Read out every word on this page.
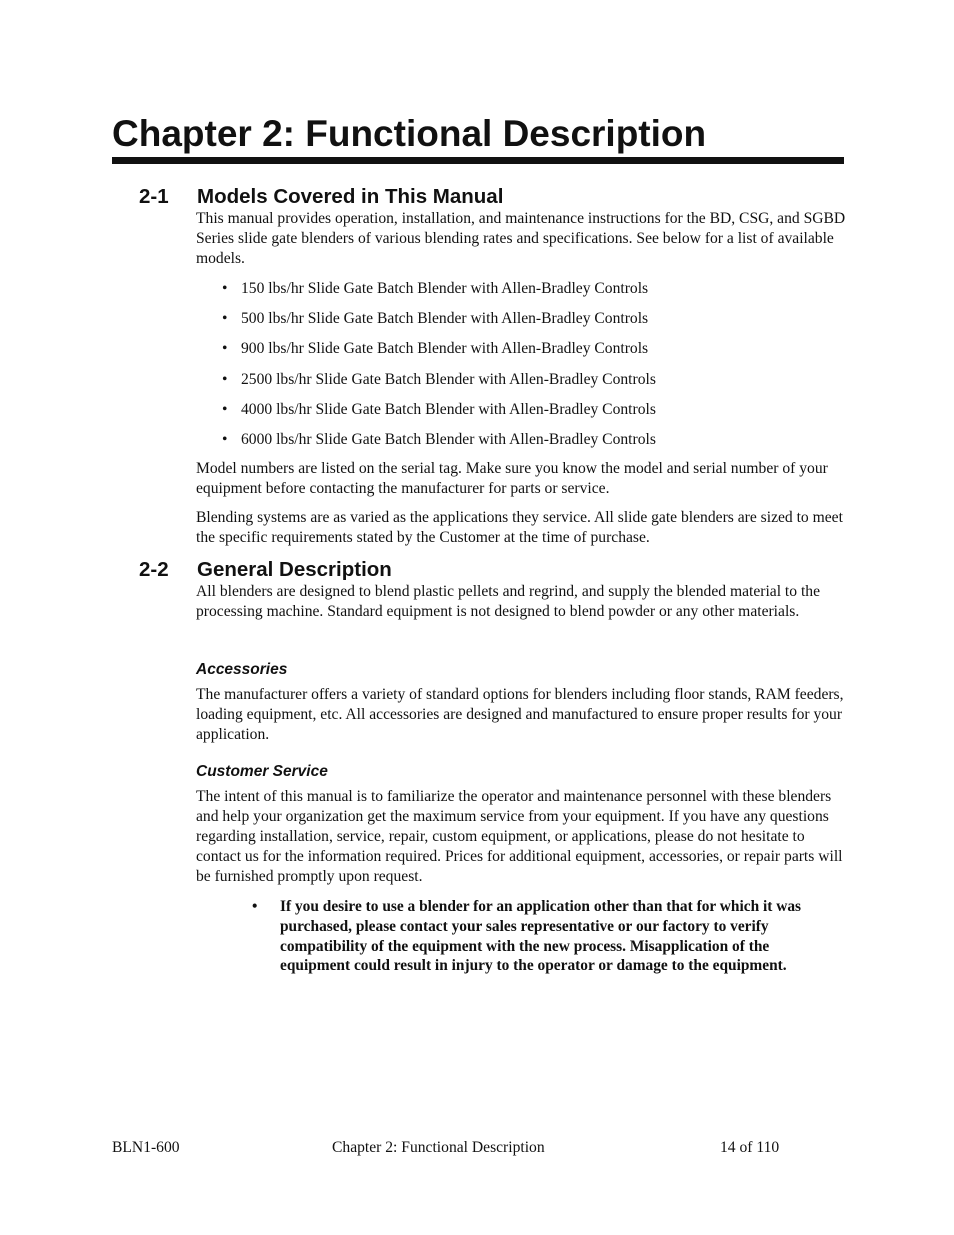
Chapter 2: Functional Description
2-1 Models Covered in This Manual

This manual provides operation, installation, and maintenance instructions for the BD, CSG, and SGBD Series slide gate blenders of various blending rates and specifications. See below for a list of available models.

• 150 lbs/hr Slide Gate Batch Blender with Allen-Bradley Controls
• 500 lbs/hr Slide Gate Batch Blender with Allen-Bradley Controls
• 900 lbs/hr Slide Gate Batch Blender with Allen-Bradley Controls
• 2500 lbs/hr Slide Gate Batch Blender with Allen-Bradley Controls
• 4000 lbs/hr Slide Gate Batch Blender with Allen-Bradley Controls
• 6000 lbs/hr Slide Gate Batch Blender with Allen-Bradley Controls

Model numbers are listed on the serial tag. Make sure you know the model and serial number of your equipment before contacting the manufacturer for parts or service.

Blending systems are as varied as the applications they service. All slide gate blenders are sized to meet the specific requirements stated by the Customer at the time of purchase.

2-2 General Description

All blenders are designed to blend plastic pellets and regrind, and supply the blended material to the processing machine. Standard equipment is not designed to blend powder or any other materials.

Accessories

The manufacturer offers a variety of standard options for blenders including floor stands, RAM feeders, loading equipment, etc. All accessories are designed and manufactured to ensure proper results for your application.

Customer Service

The intent of this manual is to familiarize the operator and maintenance personnel with these blenders and help your organization get the maximum service from your equipment. If you have any questions regarding installation, service, repair, custom equipment, or applications, please do not hesitate to contact us for the information required. Prices for additional equipment, accessories, or repair parts will be furnished promptly upon request.

• If you desire to use a blender for an application other than that for which it was purchased, please contact your sales representative or our factory to verify compatibility of the equipment with the new process. Misapplication of the equipment could result in injury to the operator or damage to the equipment.
BLN1-600	Chapter 2: Functional Description	14 of 110
